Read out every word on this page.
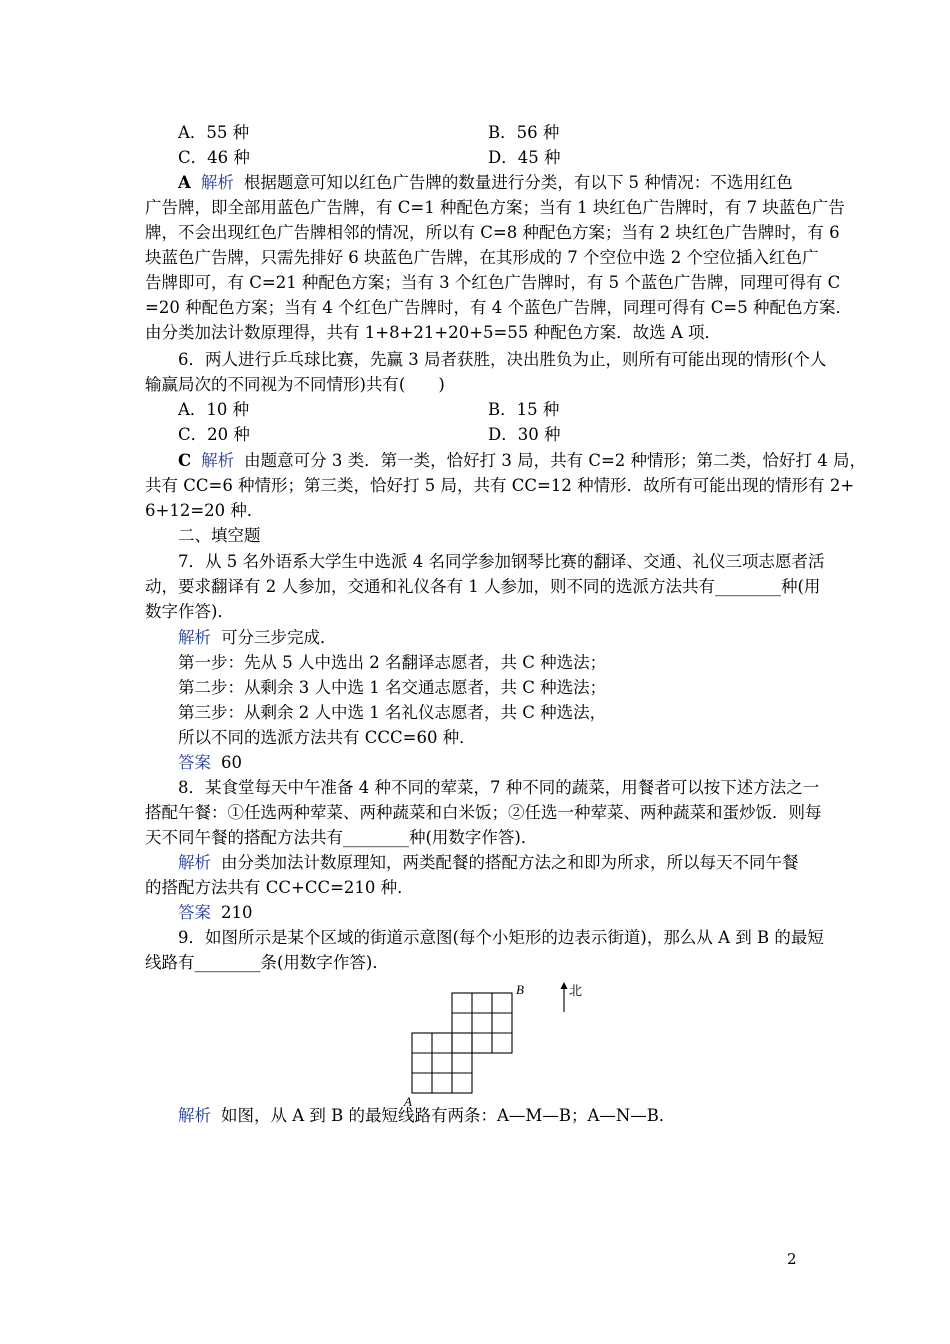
A．55 种	B．56 种
C．46 种	D．45 种
A 解析 根据题意可知以红色广告牌的数量进行分类，有以下 5 种情况：不选用红色
广告牌，即全部用蓝色广告牌，有 C=1 种配色方案；当有 1 块红色广告牌时，有 7 块蓝色广告
牌，不会出现红色广告牌相邻的情况，所以有 C=8 种配色方案；当有 2 块红色广告牌时，有 6
块蓝色广告牌，只需先排好 6 块蓝色广告牌，在其形成的 7 个空位中选 2 个空位插入红色广
告牌即可，有 C=21 种配色方案；当有 3 个红色广告牌时，有 5 个蓝色广告牌，同理可得有 C
=20 种配色方案；当有 4 个红色广告牌时，有 4 个蓝色广告牌，同理可得有 C=5 种配色方案．
由分类加法计数原理得，共有 1+8+21+20+5=55 种配色方案．故选 A 项．
6．两人进行乒乓球比赛，先赢 3 局者获胜，决出胜负为止，则所有可能出现的情形(个人
输赢局次的不同视为不同情形)共有(　　)
A．10 种	B．15 种
C．20 种	D．30 种
C 解析 由题意可分 3 类．第一类，恰好打 3 局，共有 C=2 种情形；第二类，恰好打 4 局，
共有 CC=6 种情形；第三类，恰好打 5 局，共有 CC=12 种情形．故所有可能出现的情形有 2+
6+12=20 种．
二、填空题
7．从 5 名外语系大学生中选派 4 名同学参加钢琴比赛的翻译、交通、礼仪三项志愿者活
动，要求翻译有 2 人参加，交通和礼仪各有 1 人参加，则不同的选派方法共有________种(用
数字作答)．
解析 可分三步完成．
第一步：先从 5 人中选出 2 名翻译志愿者，共 C 种选法；
第二步：从剩余 3 人中选 1 名交通志愿者，共 C 种选法；
第三步：从剩余 2 人中选 1 名礼仪志愿者，共 C 种选法，
所以不同的选派方法共有 CCC=60 种．
答案 60
8．某食堂每天中午准备 4 种不同的荤菜，7 种不同的蔬菜，用餐者可以按下述方法之一
搭配午餐：①任选两种荤菜、两种蔬菜和白米饭；②任选一种荤菜、两种蔬菜和蛋炒饭．则每
天不同午餐的搭配方法共有________种(用数字作答)．
解析 由分类加法计数原理知，两类配餐的搭配方法之和即为所求，所以每天不同午餐
的搭配方法共有 CC+CC=210 种．
答案 210
9．如图所示是某个区域的街道示意图(每个小矩形的边表示街道)，那么从 A 到 B 的最短
线路有________条(用数字作答)．
A
B	北
解析 如图，从 A 到 B 的最短线路有两条：A—M—B；A—N—B．
2
